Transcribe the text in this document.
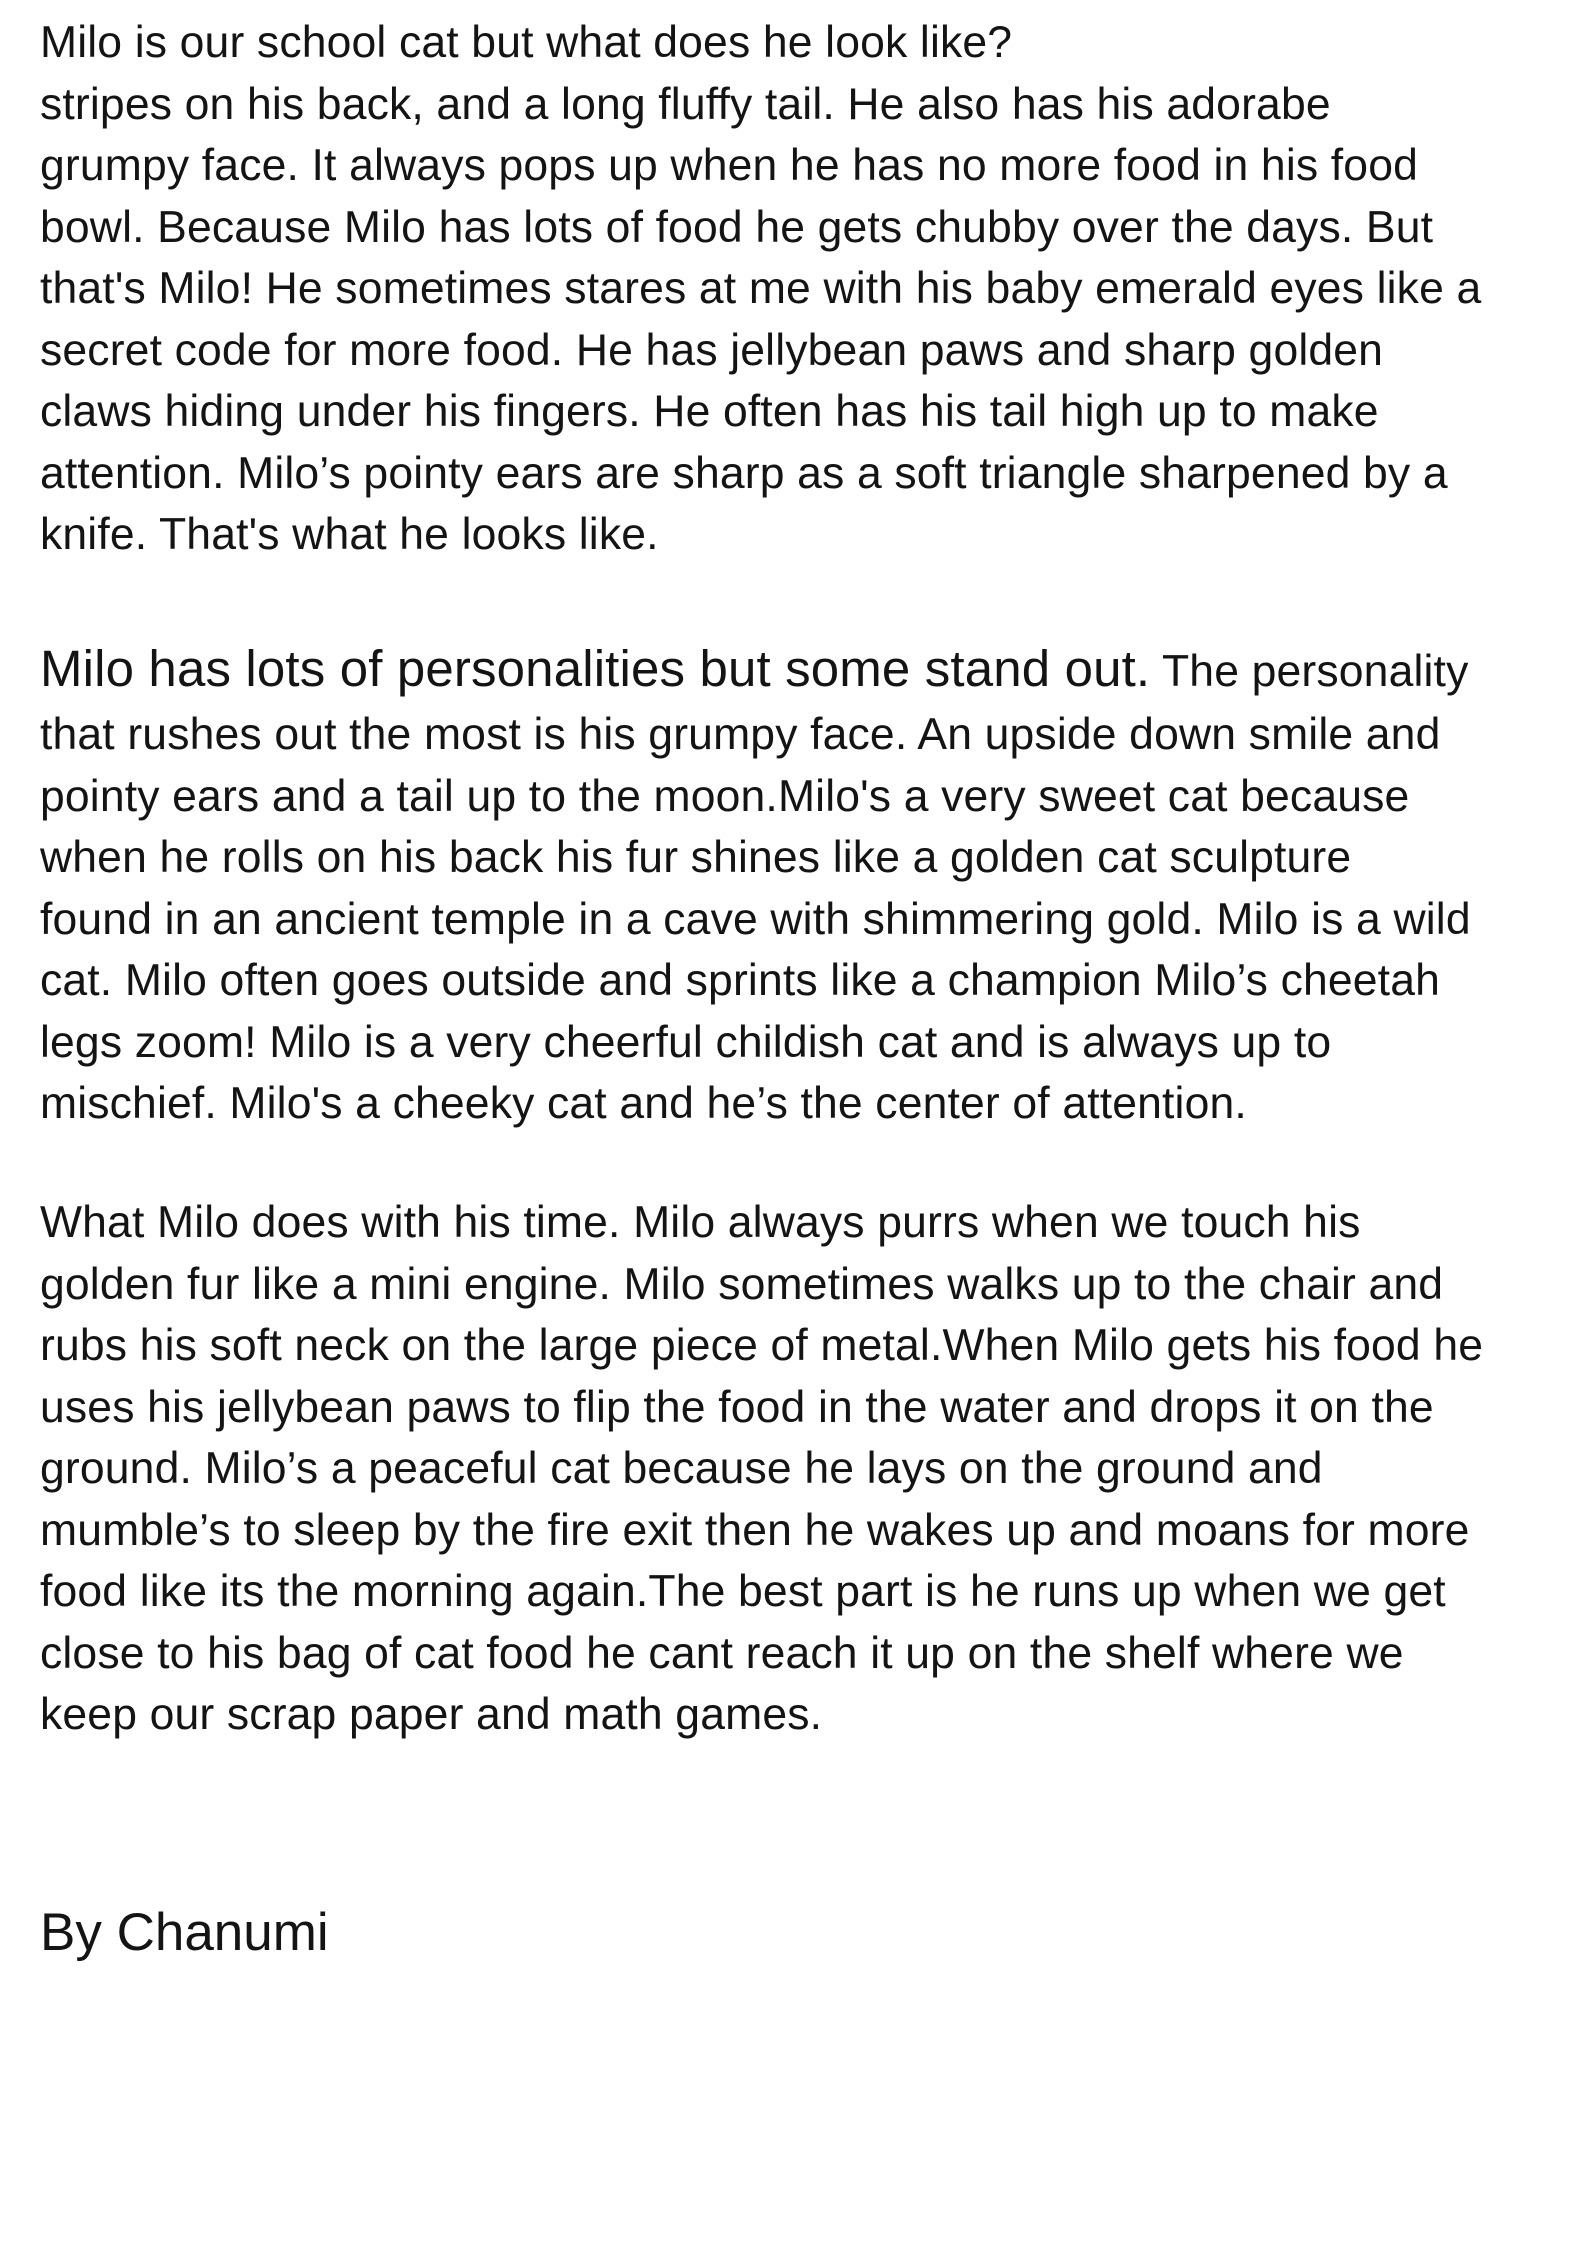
Milo is our school cat but what does he look like?
stripes on his back, and a long fluffy tail. He also has his adorabe
grumpy face. It always pops up when he has no more food in his food
bowl. Because Milo has lots of food he gets chubby over the days. But
that's Milo! He sometimes stares at me with his baby emerald eyes like a
secret code for more food. He has jellybean paws and sharp golden
claws hiding under his fingers. He often has his tail high up to make
attention. Milo’s pointy ears are sharp as a soft triangle sharpened by a
knife. That's what he looks like.

Milo has lots of personalities but some stand out. The personality
that rushes out the most is his grumpy face. An upside down smile and
pointy ears and a tail up to the moon.Milo's a very sweet cat because
when he rolls on his back his fur shines like a golden cat sculpture
found in an ancient temple in a cave with shimmering gold. Milo is a wild
cat. Milo often goes outside and sprints like a champion Milo’s cheetah
legs zoom! Milo is a very cheerful childish cat and is always up to
mischief. Milo's a cheeky cat and he’s the center of attention.

What Milo does with his time. Milo always purrs when we touch his
golden fur like a mini engine. Milo sometimes walks up to the chair and
rubs his soft neck on the large piece of metal.When Milo gets his food he
uses his jellybean paws to flip the food in the water and drops it on the
ground. Milo’s a peaceful cat because he lays on the ground and
mumble’s to sleep by the fire exit then he wakes up and moans for more
food like its the morning again.The best part is he runs up when we get
close to his bag of cat food he cant reach it up on the shelf where we
keep our scrap paper and math games.

By Chanumi
